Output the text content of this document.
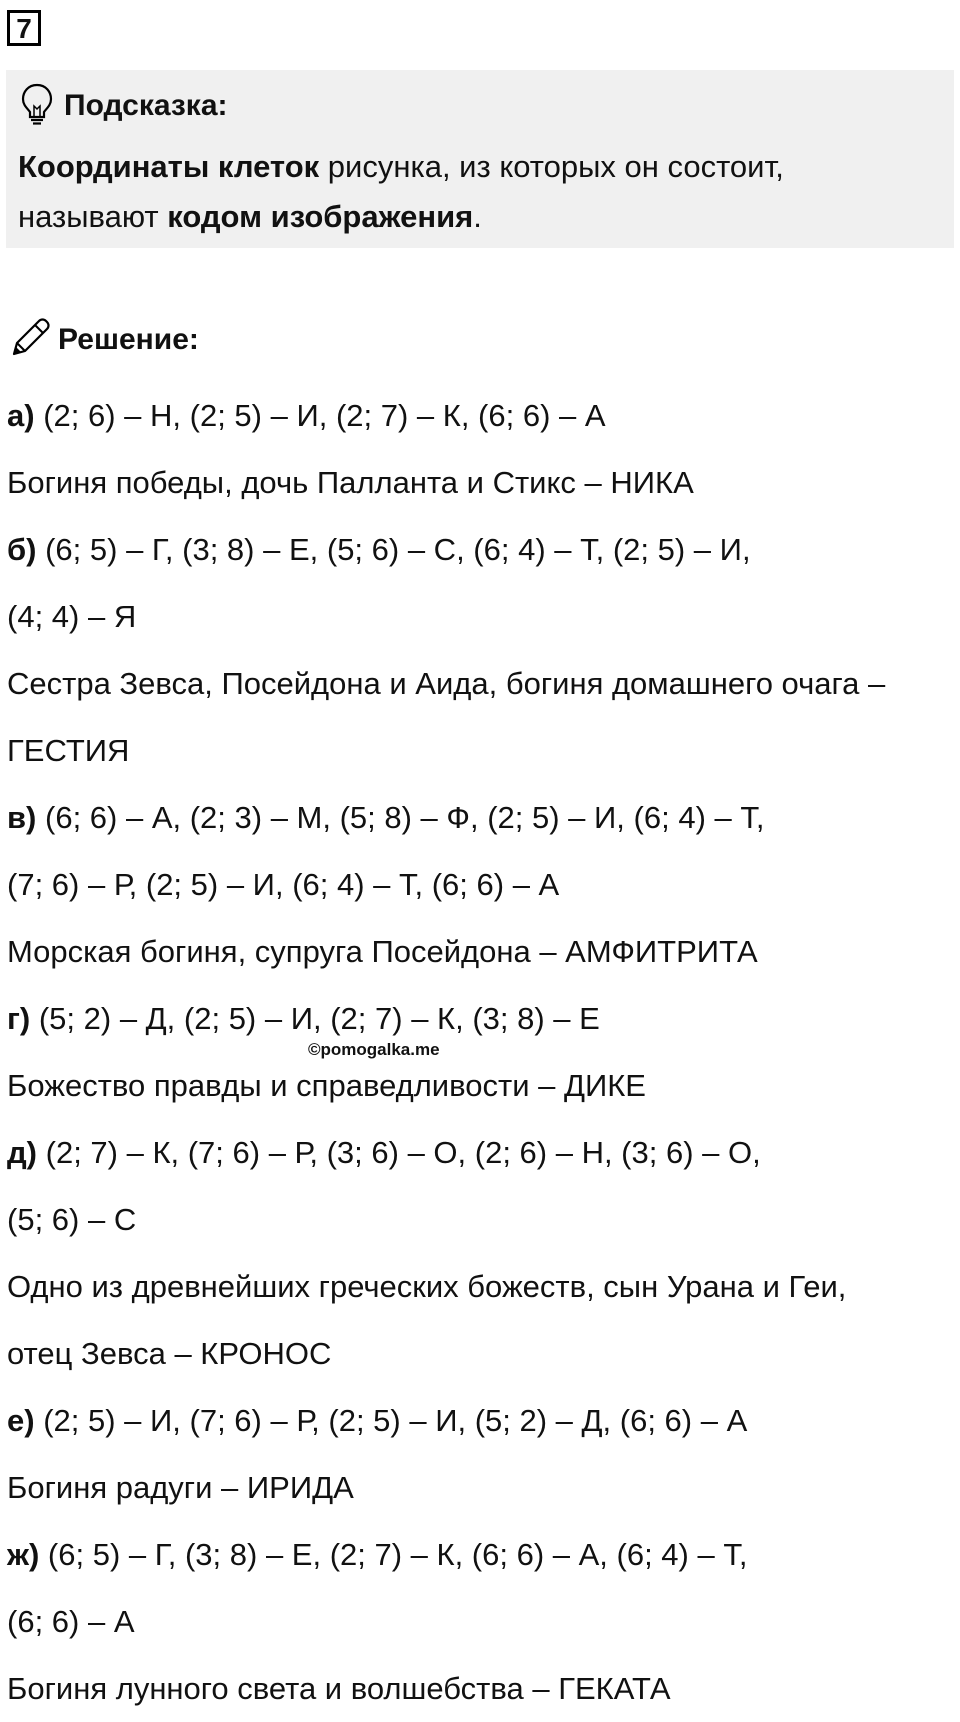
7
Подсказка:
Координаты клеток рисунка, из которых он состоит,
называют кодом изображения.
Решение:
а) (2; 6) – Н, (2; 5) – И, (2; 7) – К, (6; 6) – А
Богиня победы, дочь Палланта и Стикс – НИКА
б) (6; 5) – Г, (3; 8) – Е, (5; 6) – С, (6; 4) – Т, (2; 5) – И,
(4; 4) – Я
Сестра Зевса, Посейдона и Аида, богиня домашнего очага –
ГЕСТИЯ
в) (6; 6) – А, (2; 3) – М, (5; 8) – Ф, (2; 5) – И, (6; 4) – Т,
(7; 6) – Р, (2; 5) – И, (6; 4) – Т, (6; 6) – А
Морская богиня, супруга Посейдона – АМФИТРИТА
г) (5; 2) – Д, (2; 5) – И, (2; 7) – К, (3; 8) – Е
Божество правды и справедливости – ДИКЕ
д) (2; 7) – К, (7; 6) – Р, (3; 6) – О, (2; 6) – Н, (3; 6) – О,
(5; 6) – С
Одно из древнейших греческих божеств, сын Урана и Геи,
отец Зевса – КРОНОС
е) (2; 5) – И, (7; 6) – Р, (2; 5) – И, (5; 2) – Д, (6; 6) – А
Богиня радуги – ИРИДА
ж) (6; 5) – Г, (3; 8) – Е, (2; 7) – К, (6; 6) – А, (6; 4) – Т,
(6; 6) – А
Богиня лунного света и волшебства – ГЕКАТА
©pomogalka.me
